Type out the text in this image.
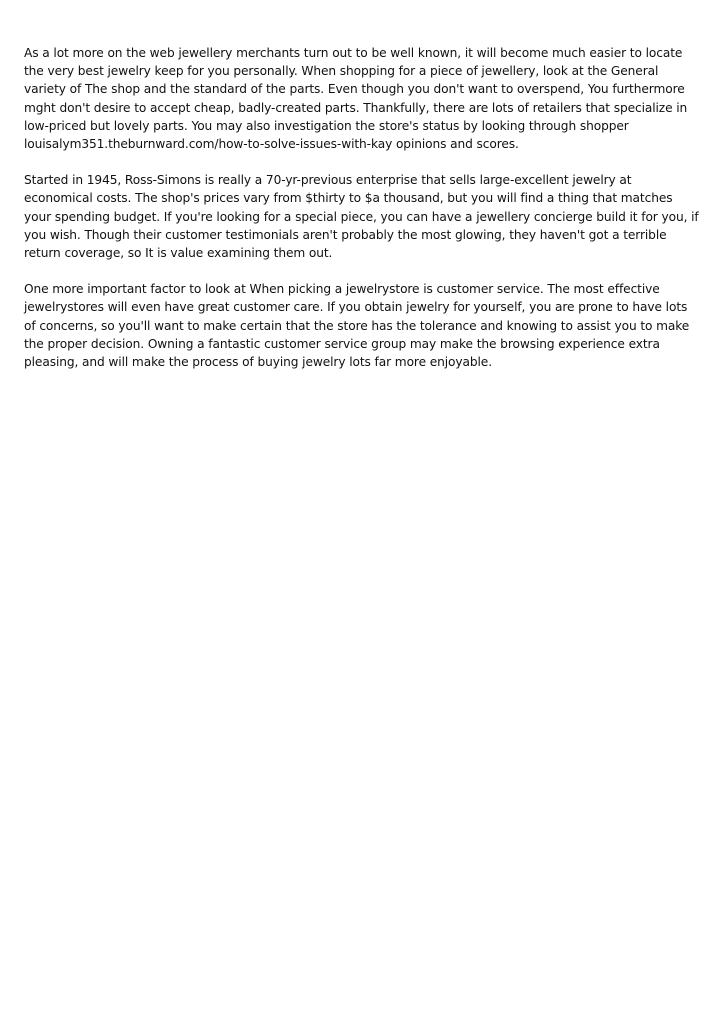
As a lot more on the web jewellery merchants turn out to be well known, it will become much easier to locate the very best jewelry keep for you personally. When shopping for a piece of jewellery, look at the General variety of The shop and the standard of the parts. Even though you don't want to overspend, You furthermore mght don't desire to accept cheap, badly-created parts. Thankfully, there are lots of retailers that specialize in low-priced but lovely parts. You may also investigation the store's status by looking through shopper louisalym351.theburnward.com/how-to-solve-issues-with-kay opinions and scores.

Started in 1945, Ross-Simons is really a 70-yr-previous enterprise that sells large-excellent jewelry at economical costs. The shop's prices vary from $thirty to $a thousand, but you will find a thing that matches your spending budget. If you're looking for a special piece, you can have a jewellery concierge build it for you, if you wish. Though their customer testimonials aren't probably the most glowing, they haven't got a terrible return coverage, so It is value examining them out.

One more important factor to look at When picking a jewelrystore is customer service. The most effective jewelrystores will even have great customer care. If you obtain jewelry for yourself, you are prone to have lots of concerns, so you'll want to make certain that the store has the tolerance and knowing to assist you to make the proper decision. Owning a fantastic customer service group may make the browsing experience extra pleasing, and will make the process of buying jewelry lots far more enjoyable.
